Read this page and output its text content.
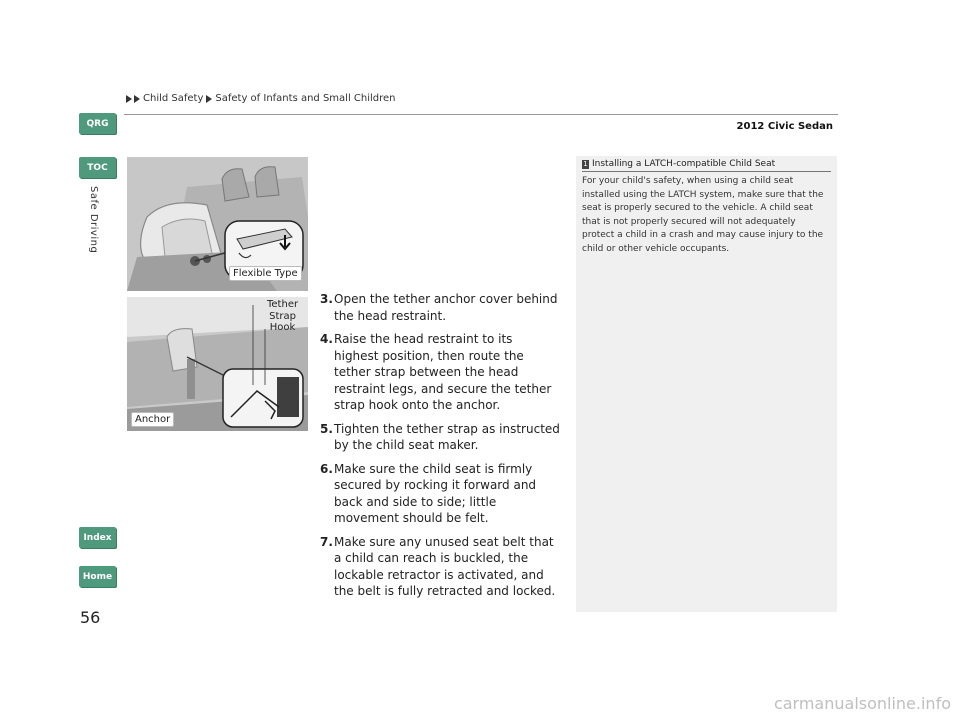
Child Safety Safety of Infants and Small Children
2012 Civic Sedan
QRG
TOC
Safe Driving
Index
Home
56
Flexible Type
Tether
Strap
Hook
Anchor
3. Open the tether anchor cover behind the head restraint.
4. Raise the head restraint to its highest position, then route the tether strap between the head restraint legs, and secure the tether strap hook onto the anchor.
5. Tighten the tether strap as instructed by the child seat maker.
6. Make sure the child seat is firmly secured by rocking it forward and back and side to side; little movement should be felt.
7. Make sure any unused seat belt that a child can reach is buckled, the lockable retractor is activated, and the belt is fully retracted and locked.
1 Installing a LATCH-compatible Child Seat
For your child's safety, when using a child seat installed using the LATCH system, make sure that the seat is properly secured to the vehicle. A child seat that is not properly secured will not adequately protect a child in a crash and may cause injury to the child or other vehicle occupants.
carmanualsonline.info
